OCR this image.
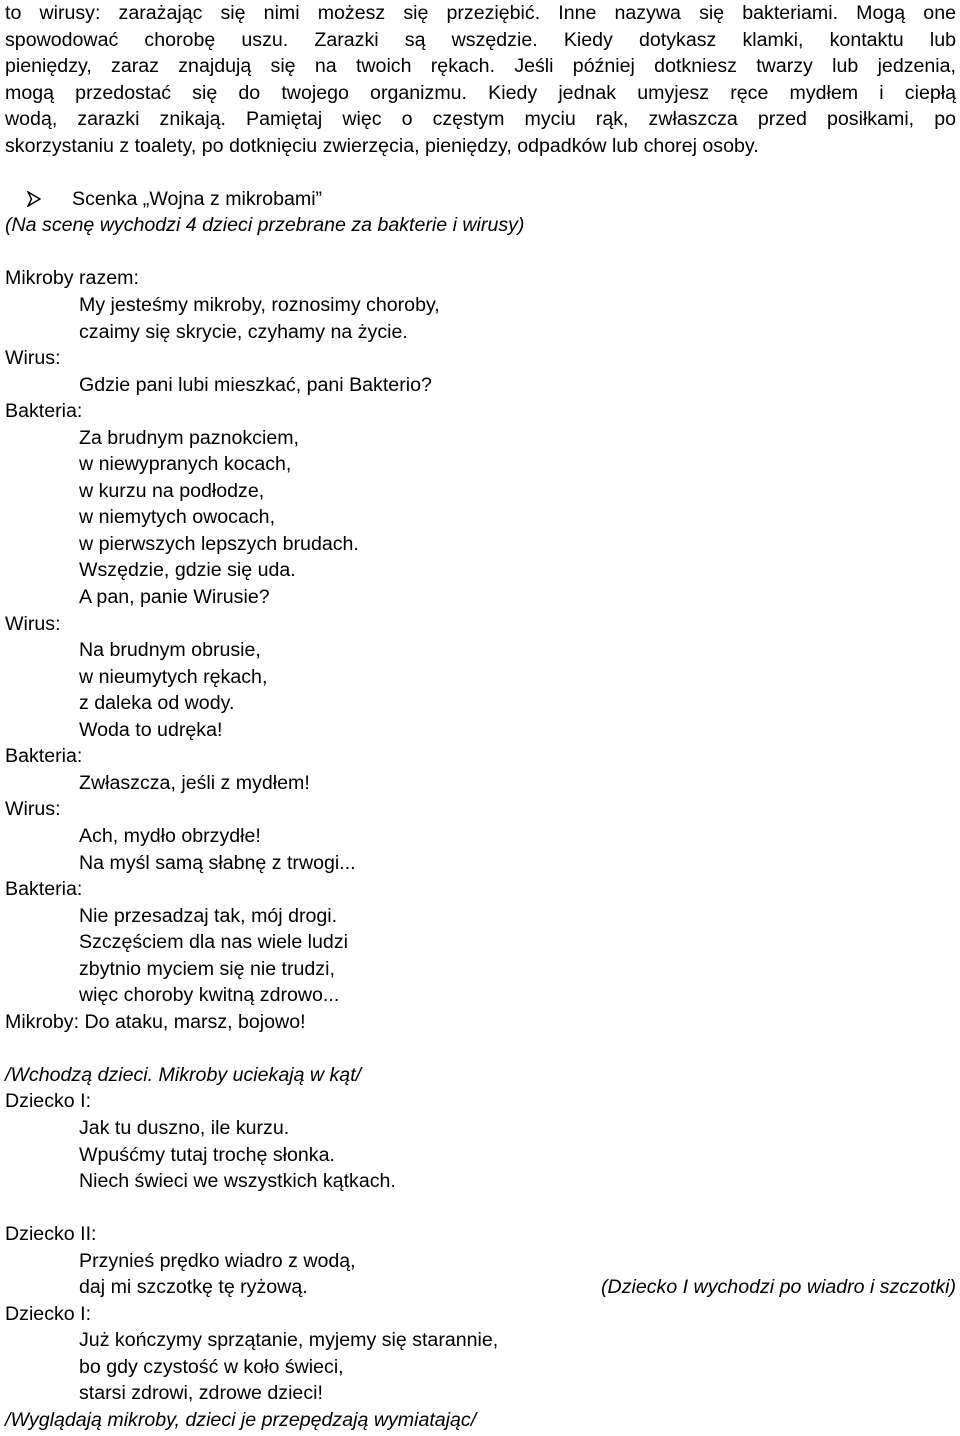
to wirusy: zarażając się nimi możesz się przeziębić. Inne nazywa się bakteriami. Mogą one
spowodować chorobę uszu. Zarazki są wszędzie. Kiedy dotykasz klamki, kontaktu lub
pieniędzy, zaraz znajdują się na twoich rękach. Jeśli później dotkniesz twarzy lub jedzenia,
mogą przedostać się do twojego organizmu. Kiedy jednak umyjesz ręce mydłem i ciepłą
wodą, zarazki znikają. Pamiętaj więc o częstym myciu rąk, zwłaszcza przed posiłkami, po
skorzystaniu z toalety, po dotknięciu zwierzęcia, pieniędzy, odpadków lub chorej osoby.
Scenka „Wojna z mikrobami”
(Na scenę wychodzi 4 dzieci przebrane za bakterie i wirusy)
Mikroby razem:
My jesteśmy mikroby, roznosimy choroby,
czaimy się skrycie, czyhamy na życie.
Wirus:
Gdzie pani lubi mieszkać, pani Bakterio?
Bakteria:
Za brudnym paznokciem,
w niewypranych kocach,
w kurzu na podłodze,
w niemytych owocach,
w pierwszych lepszych brudach.
Wszędzie, gdzie się uda.
A pan, panie Wirusie?
Wirus:
Na brudnym obrusie,
w nieumytych rękach,
z daleka od wody.
Woda to udręka!
Bakteria:
Zwłaszcza, jeśli z mydłem!
Wirus:
Ach, mydło obrzydłe!
Na myśl samą słabnę z trwogi...
Bakteria:
Nie przesadzaj tak, mój drogi.
Szczęściem dla nas wiele ludzi
zbytnio myciem się nie trudzi,
więc choroby kwitną zdrowo...
Mikroby: Do ataku, marsz, bojowo!
/Wchodzą dzieci. Mikroby uciekają w kąt/
Dziecko I:
Jak tu duszno, ile kurzu.
Wpuśćmy tutaj trochę słonka.
Niech świeci we wszystkich kątkach.
Dziecko II:
Przynieś prędko wiadro z wodą,
daj mi szczotkę tę ryżową.	(Dziecko I wychodzi po wiadro i szczotki)
Dziecko I:
Już kończymy sprzątanie, myjemy się starannie,
bo gdy czystość w koło świeci,
starsi zdrowi, zdrowe dzieci!
/Wyglądają mikroby, dzieci je przepędzają wymiatając/
